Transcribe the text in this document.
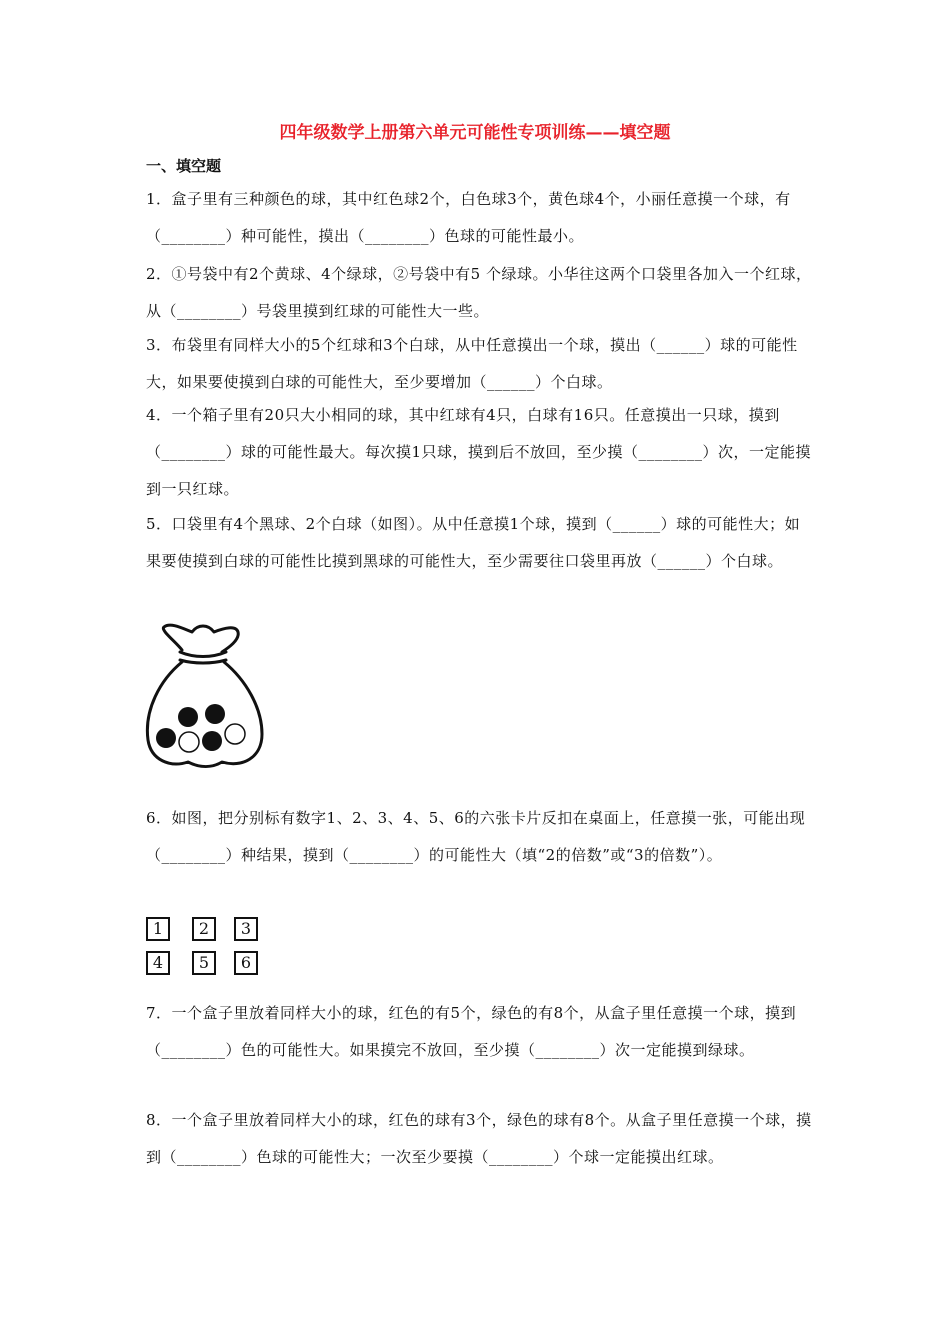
四年级数学上册第六单元可能性专项训练——填空题
一、填空题
1．盒子里有三种颜色的球，其中红色球2个，白色球3个，黄色球4个，小丽任意摸一个球，有（________）种可能性，摸出（________）色球的可能性最小。
2．①号袋中有2个黄球、4个绿球，②号袋中有5 个绿球。小华往这两个口袋里各加入一个红球，从（________）号袋里摸到红球的可能性大一些。
3．布袋里有同样大小的5个红球和3个白球，从中任意摸出一个球，摸出（______）球的可能性大，如果要使摸到白球的可能性大，至少要增加（______）个白球。
4．一个箱子里有20只大小相同的球，其中红球有4只，白球有16只。任意摸出一只球，摸到（________）球的可能性最大。每次摸1只球，摸到后不放回，至少摸（________）次，一定能摸到一只红球。
5．口袋里有4个黑球、2个白球（如图）。从中任意摸1个球，摸到（______）球的可能性大；如果要使摸到白球的可能性比摸到黑球的可能性大，至少需要往口袋里再放（______）个白球。
6．如图，把分别标有数字1、2、3、4、5、6的六张卡片反扣在桌面上，任意摸一张，可能出现（________）种结果，摸到（________）的可能性大（填“2的倍数”或“3的倍数”）。
1	2	3
4	5	6
7．一个盒子里放着同样大小的球，红色的有5个，绿色的有8个，从盒子里任意摸一个球，摸到（________）色的可能性大。如果摸完不放回，至少摸（________）次一定能摸到绿球。
8．一个盒子里放着同样大小的球，红色的球有3个，绿色的球有8个。从盒子里任意摸一个球，摸到（________）色球的可能性大；一次至少要摸（________）个球一定能摸出红球。
